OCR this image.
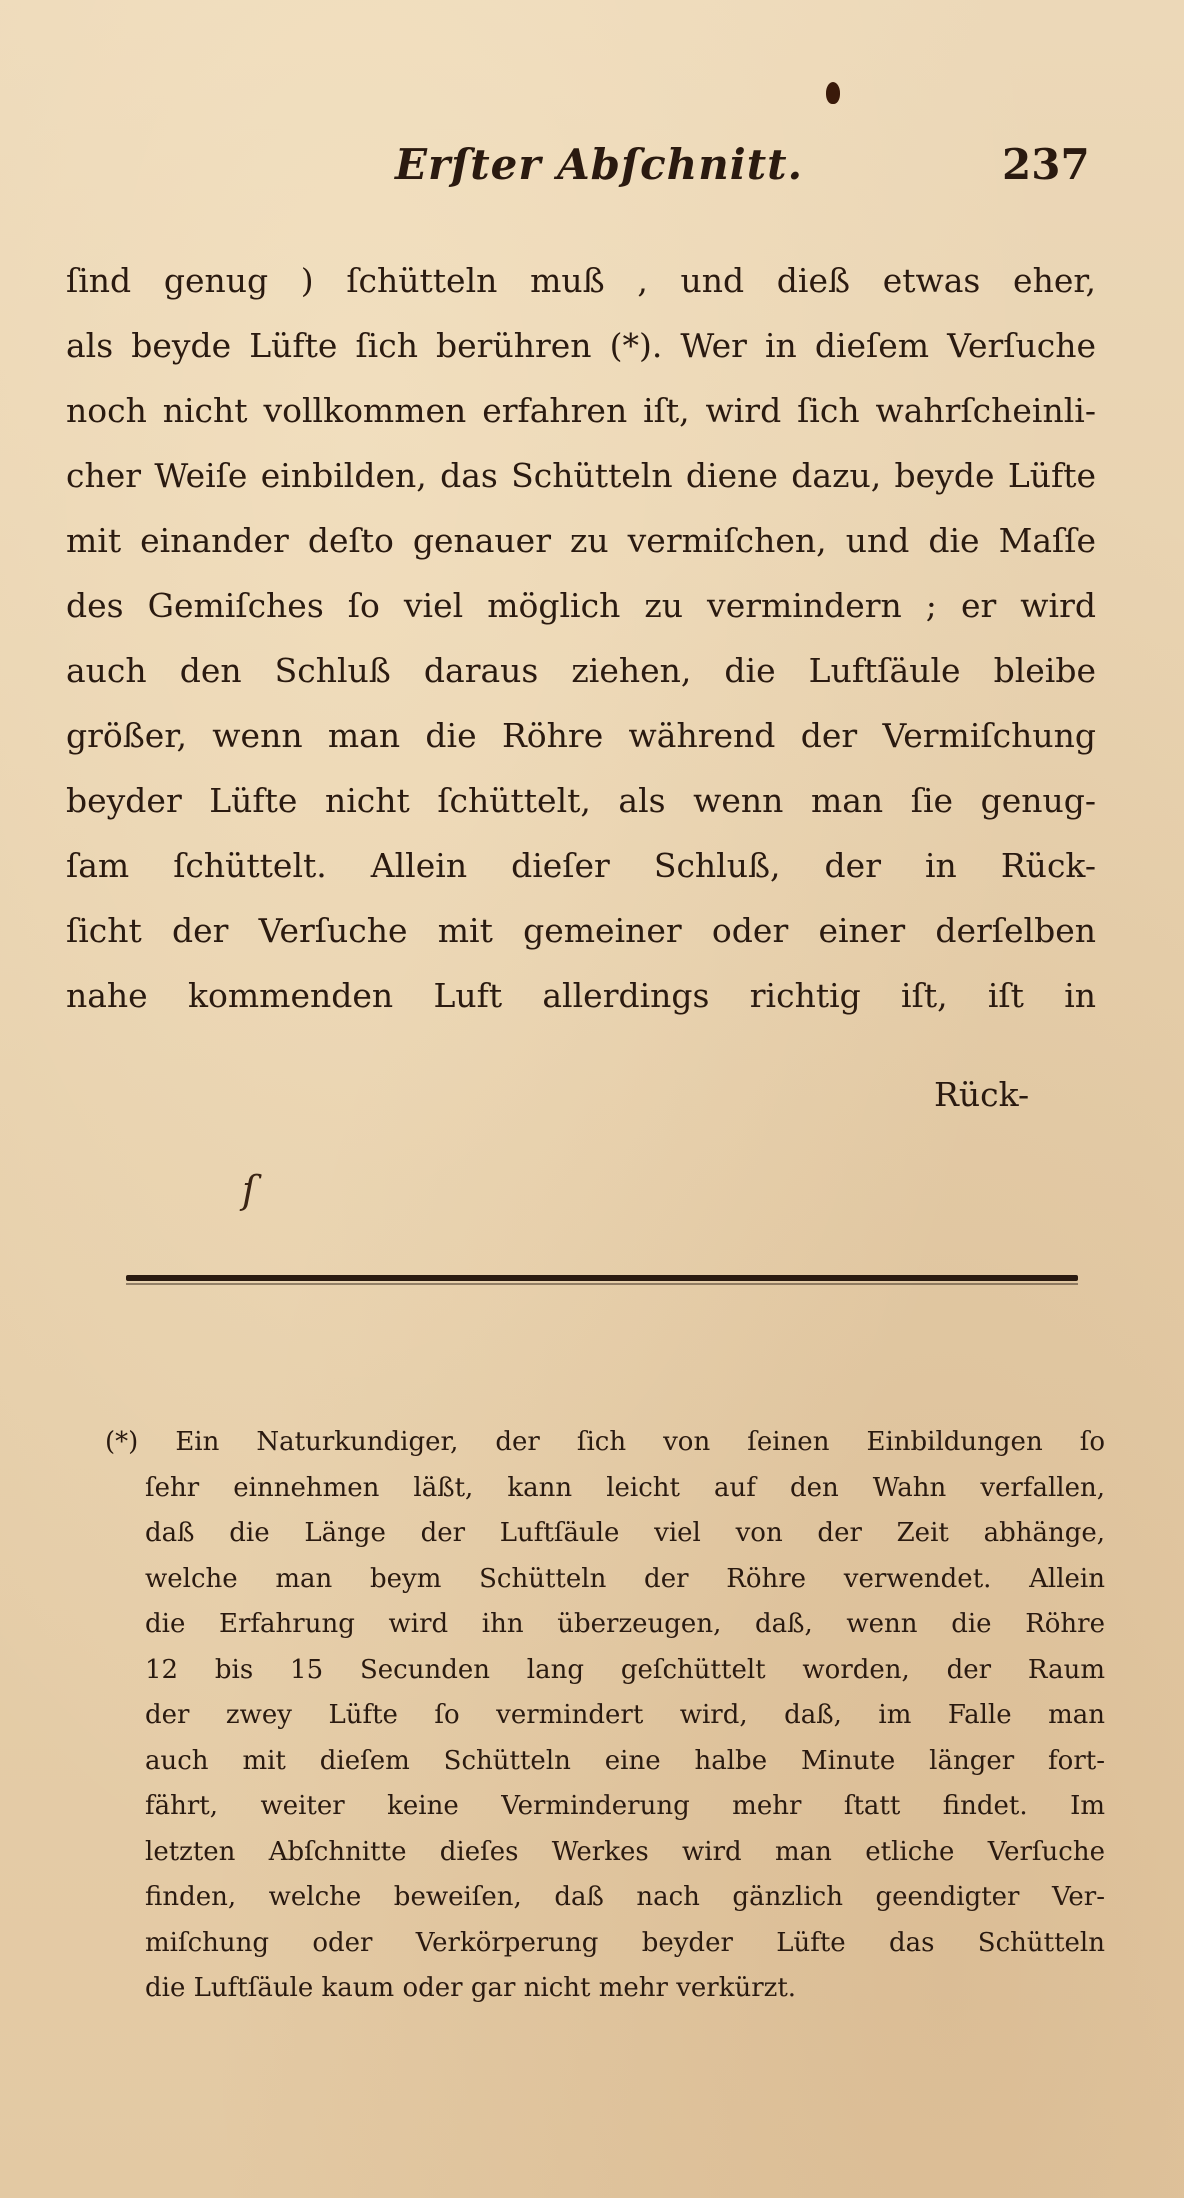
Erſter Abſchnitt.	237
ſind genug ) ſchütteln muß , und dieß etwas eher,
als beyde Lüfte ſich berühren (*). Wer in dieſem Verſuche
noch nicht vollkommen erfahren iſt, wird ſich wahrſcheinli-
cher Weiſe einbilden, das Schütteln diene dazu, beyde Lüfte
mit einander deſto genauer zu vermiſchen, und die Maſſe
des Gemiſches ſo viel möglich zu vermindern ; er wird
auch den Schluß daraus ziehen, die Luftſäule bleibe
größer, wenn man die Röhre während der Vermiſchung
beyder Lüfte nicht ſchüttelt, als wenn man ſie genug-
ſam ſchüttelt. Allein dieſer Schluß, der in Rück-
ſicht der Verſuche mit gemeiner oder einer derſelben
nahe kommenden Luft allerdings richtig iſt, iſt in
Rück-
ſ
(*) Ein Naturkundiger, der ſich von ſeinen Einbildungen ſo
ſehr einnehmen läßt, kann leicht auf den Wahn verfallen,
daß die Länge der Luftſäule viel von der Zeit abhänge,
welche man beym Schütteln der Röhre verwendet. Allein
die Erfahrung wird ihn überzeugen, daß, wenn die Röhre
12 bis 15 Secunden lang geſchüttelt worden, der Raum
der zwey Lüfte ſo vermindert wird, daß, im Falle man
auch mit dieſem Schütteln eine halbe Minute länger fort-
fährt, weiter keine Verminderung mehr ſtatt findet. Im
letzten Abſchnitte dieſes Werkes wird man etliche Verſuche
finden, welche beweiſen, daß nach gänzlich geendigter Ver-
miſchung oder Verkörperung beyder Lüfte das Schütteln
die Luftſäule kaum oder gar nicht mehr verkürzt.
